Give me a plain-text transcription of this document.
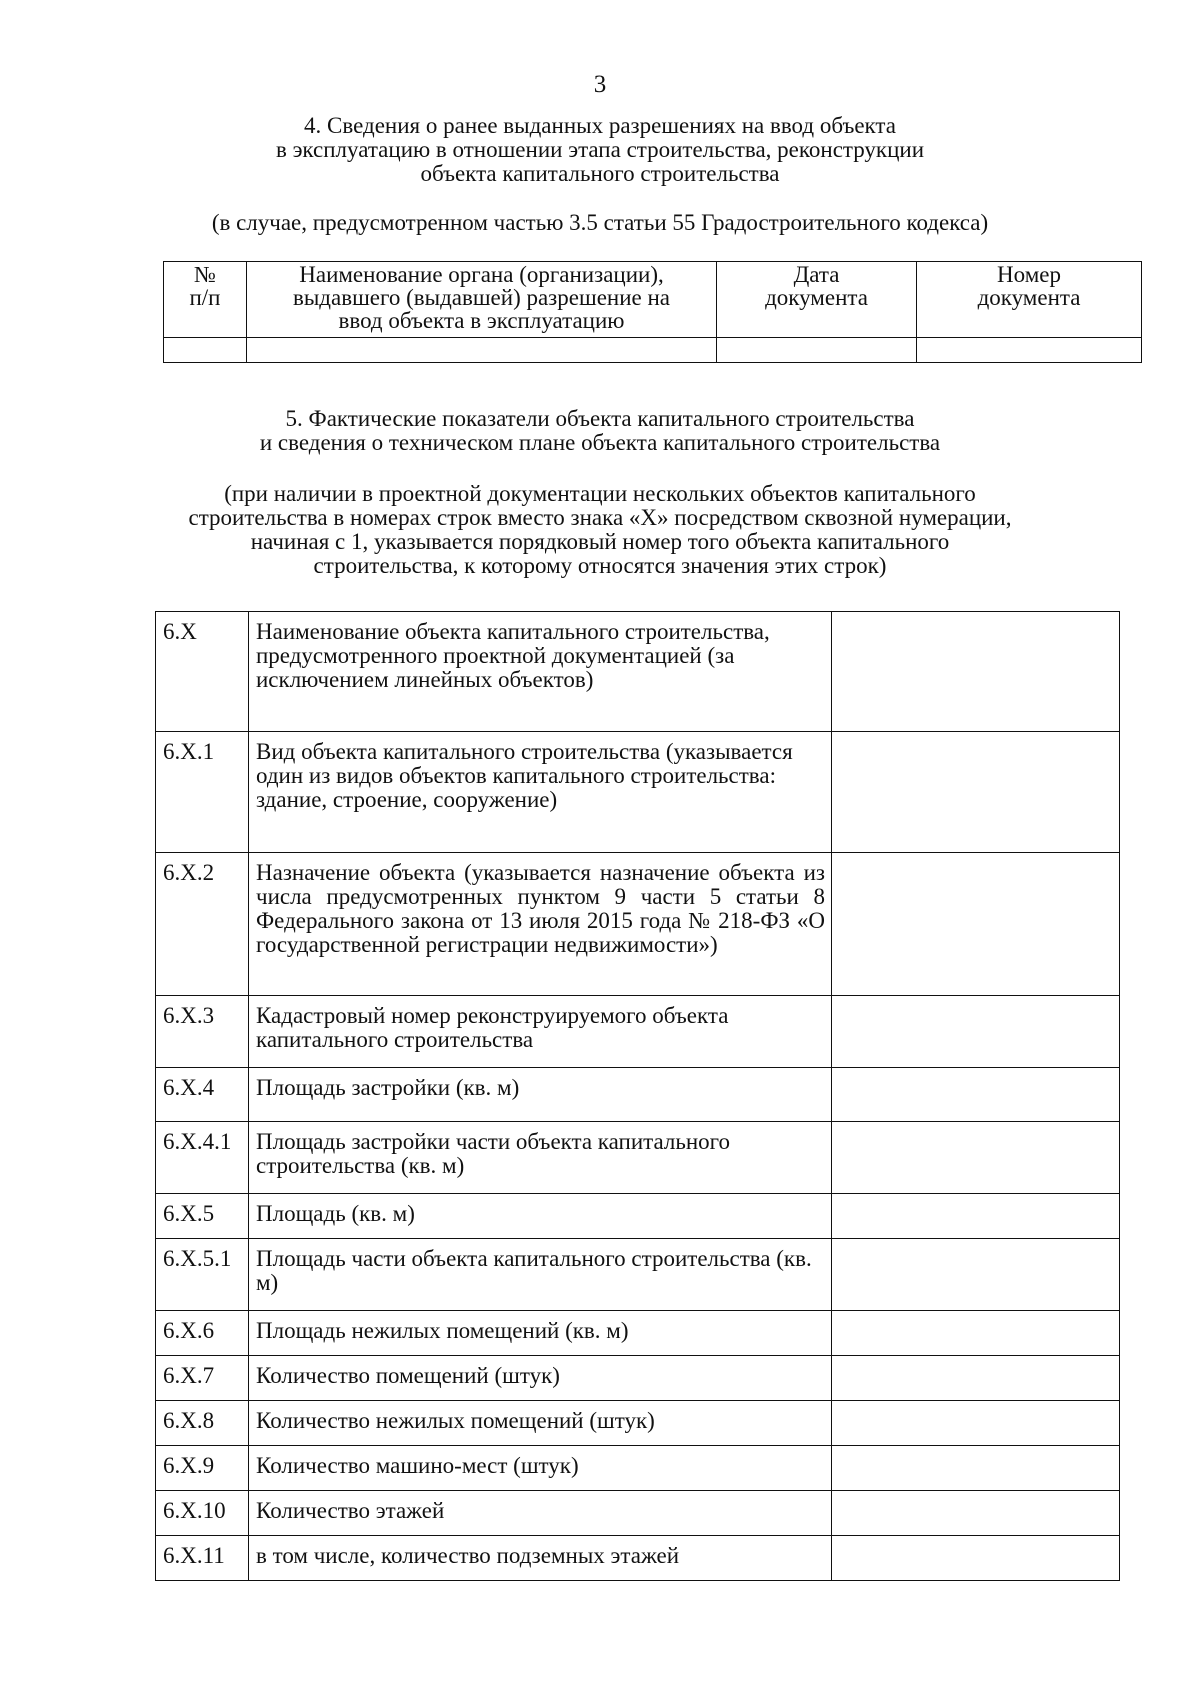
3
4. Сведения о ранее выданных разрешениях на ввод объекта
в эксплуатацию в отношении этапа строительства, реконструкции
объекта капитального строительства
(в случае, предусмотренном частью 3.5 статьи 55 Градостроительного кодекса)
№ п/п	Наименование органа (организации), выдавшего (выдавшей) разрешение на ввод объекта в эксплуатацию	Дата документа	Номер документа

5. Фактические показатели объекта капитального строительства
и сведения о техническом плане объекта капитального строительства
(при наличии в проектной документации нескольких объектов капитального
строительства в номерах строк вместо знака «X» посредством сквозной нумерации,
начиная с 1, указывается порядковый номер того объекта капитального
строительства, к которому относятся значения этих строк)
6.X	Наименование объекта капитального строительства, предусмотренного проектной документацией (за исключением линейных объектов)	
6.X.1	Вид объекта капитального строительства (указывается один из видов объектов капитального строительства: здание, строение, сооружение)	
6.X.2	Назначение объекта (указывается назначение объекта из числа предусмотренных пунктом 9 части 5 статьи 8 Федерального закона от 13 июля 2015 года № 218-ФЗ «О государственной регистрации недвижимости»)	
6.X.3	Кадастровый номер реконструируемого объекта капитального строительства	
6.X.4	Площадь застройки (кв. м)	
6.X.4.1	Площадь застройки части объекта капитального строительства (кв. м)	
6.X.5	Площадь (кв. м)	
6.X.5.1	Площадь части объекта капитального строительства (кв. м)	
6.X.6	Площадь нежилых помещений (кв. м)	
6.X.7	Количество помещений (штук)	
6.X.8	Количество нежилых помещений (штук)	
6.X.9	Количество машино-мест (штук)	
6.X.10	Количество этажей	
6.X.11	в том числе, количество подземных этажей	
